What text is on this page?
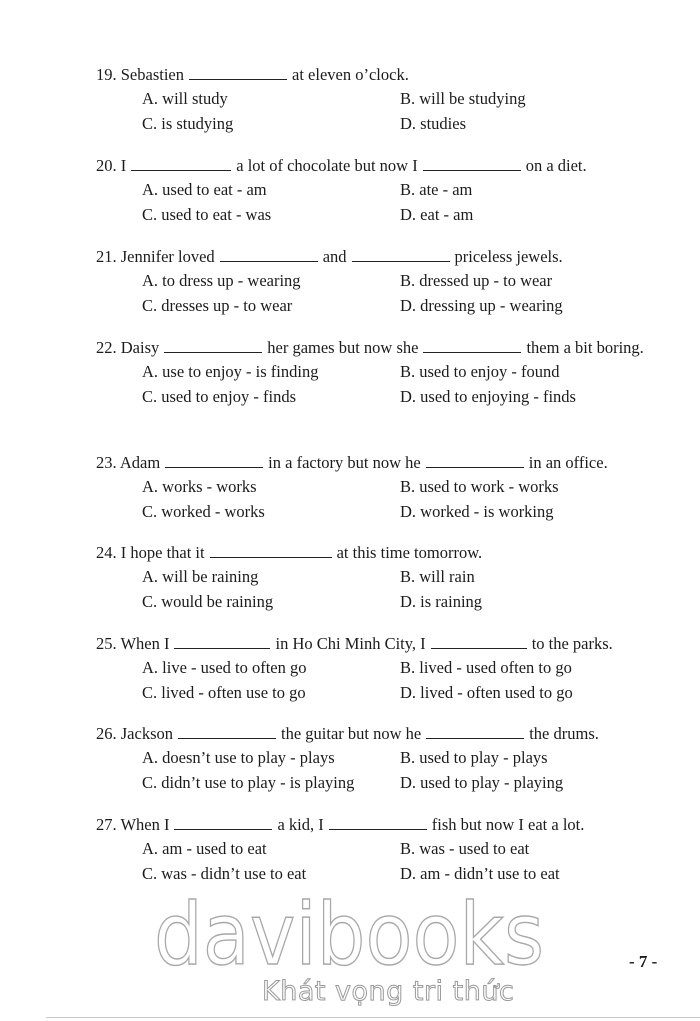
19. Sebastien	at eleven o’clock.
A. will study	B. will be studying
C. is studying	D. studies
20. I	a lot of chocolate but now I	on a diet.
A. used to eat - am	B. ate - am
C. used to eat - was	D. eat - am
21. Jennifer loved	and	priceless jewels.
A. to dress up - wearing	B. dressed up - to wear
C. dresses up - to wear	D. dressing up - wearing
22. Daisy	her games but now she	them a bit boring.
A. use to enjoy - is finding	B. used to enjoy - found
C. used to enjoy - finds	D. used to enjoying - finds
23. Adam	in a factory but now he	in an office.
A. works - works	B. used to work - works
C. worked - works	D. worked - is working
24. I hope that it	at this time tomorrow.
A. will be raining	B. will rain
C. would be raining	D. is raining
25. When I	in Ho Chi Minh City, I	to the parks.
A. live - used to often go	B. lived - used often to go
C. lived - often use to go	D. lived - often used to go
26. Jackson	the guitar but now he	the drums.
A. doesn’t use to play - plays	B. used to play - plays
C. didn’t use to play - is playing	D. used to play - playing
27. When I	a kid, I	fish but now I eat a lot.
A. am - used to eat	B. was - used to eat
C. was - didn’t use to eat	D. am - didn’t use to eat
davibooks
Khát vọng tri thức
- 7 -
